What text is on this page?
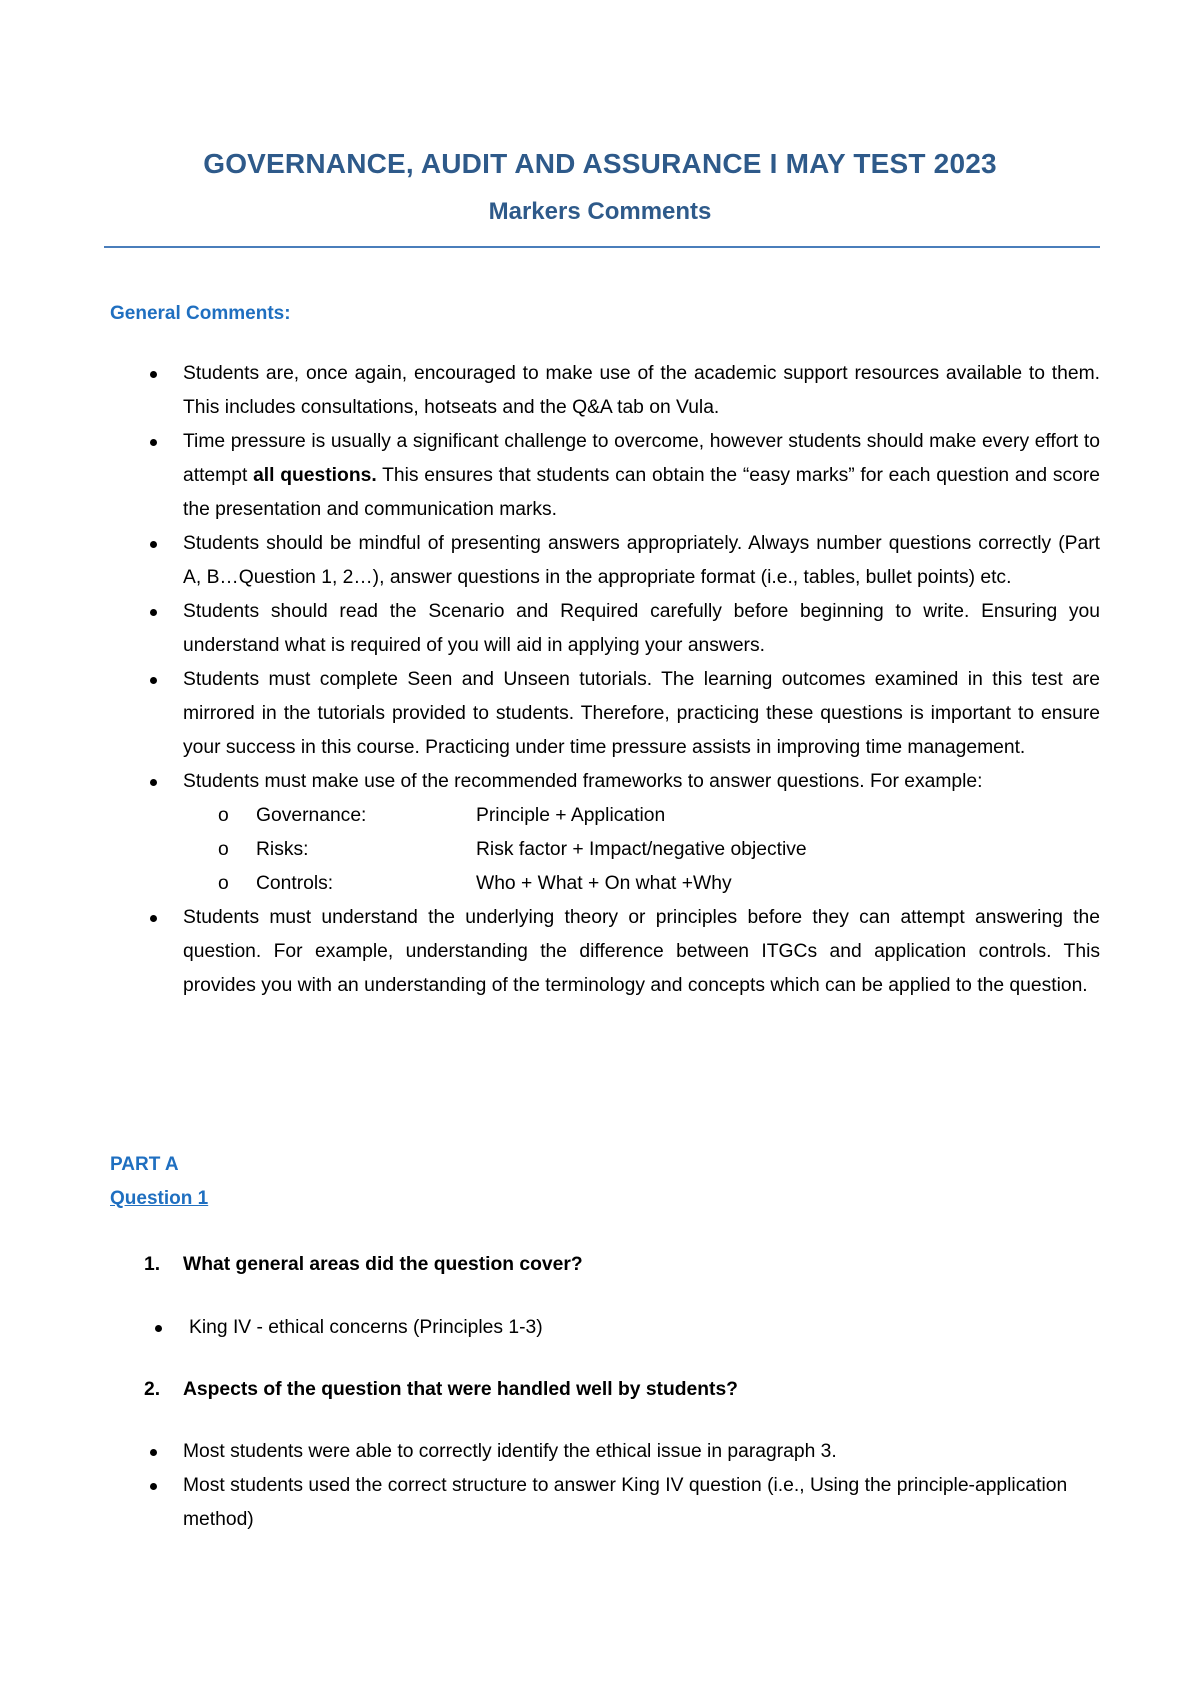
GOVERNANCE, AUDIT AND ASSURANCE I MAY TEST 2023
Markers Comments
General Comments:
Students are, once again, encouraged to make use of the academic support resources available to them. This includes consultations, hotseats and the Q&A tab on Vula.
Time pressure is usually a significant challenge to overcome, however students should make every effort to attempt all questions. This ensures that students can obtain the “easy marks” for each question and score the presentation and communication marks.
Students should be mindful of presenting answers appropriately. Always number questions correctly (Part A, B…Question 1, 2…), answer questions in the appropriate format (i.e., tables, bullet points) etc.
Students should read the Scenario and Required carefully before beginning to write. Ensuring you understand what is required of you will aid in applying your answers.
Students must complete Seen and Unseen tutorials. The learning outcomes examined in this test are mirrored in the tutorials provided to students. Therefore, practicing these questions is important to ensure your success in this course. Practicing under time pressure assists in improving time management.
Students must make use of the recommended frameworks to answer questions. For example:
o Governance:	Principle + Application
o Risks:	Risk factor + Impact/negative objective
o Controls:	Who + What + On what +Why
Students must understand the underlying theory or principles before they can attempt answering the question. For example, understanding the difference between ITGCs and application controls. This provides you with an understanding of the terminology and concepts which can be applied to the question.
PART A
Question 1
1. What general areas did the question cover?
King IV - ethical concerns (Principles 1-3)
2. Aspects of the question that were handled well by students?
Most students were able to correctly identify the ethical issue in paragraph 3.
Most students used the correct structure to answer King IV question (i.e., Using the principle-application method)
